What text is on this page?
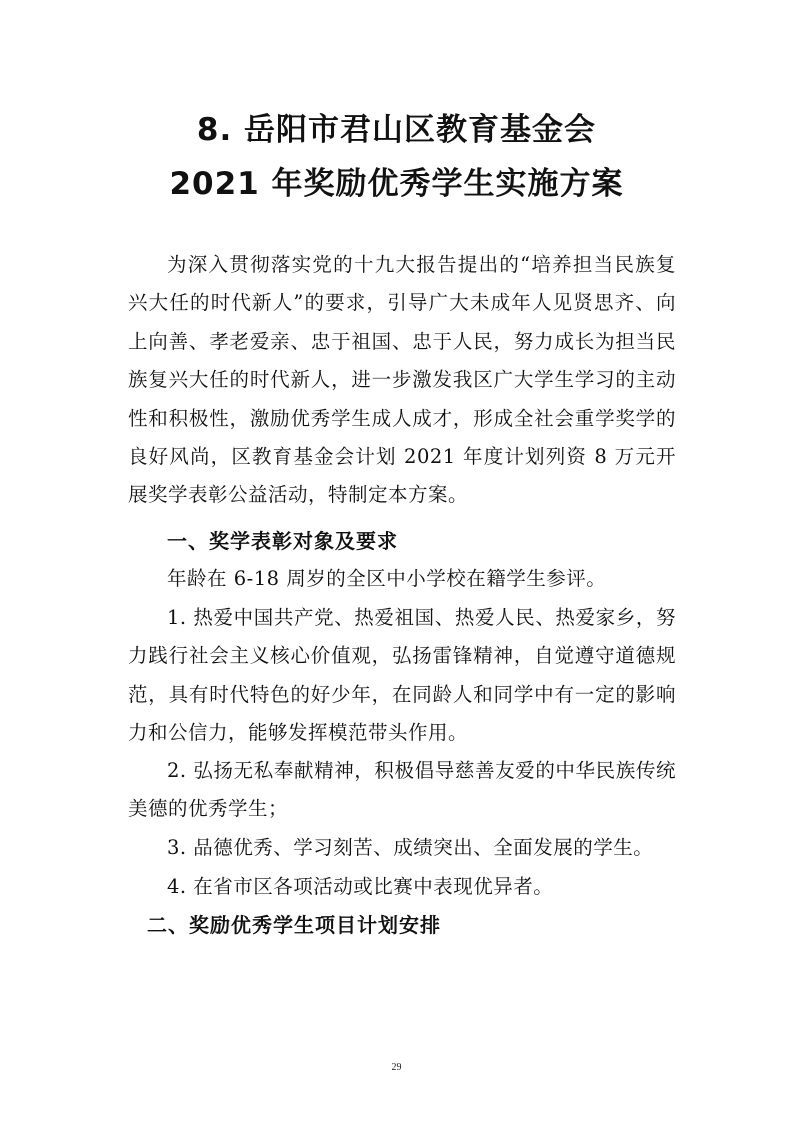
8. 岳阳市君山区教育基金会
2021 年奖励优秀学生实施方案

为深入贯彻落实党的十九大报告提出的“培养担当民族复兴大任的时代新人”的要求，引导广大未成年人见贤思齐、向上向善、孝老爱亲、忠于祖国、忠于人民，努力成长为担当民族复兴大任的时代新人，进一步激发我区广大学生学习的主动性和积极性，激励优秀学生成人成才，形成全社会重学奖学的良好风尚，区教育基金会计划 2021 年度计划列资 8 万元开展奖学表彰公益活动，特制定本方案。

一、奖学表彰对象及要求

年龄在 6-18 周岁的全区中小学校在籍学生参评。

1. 热爱中国共产党、热爱祖国、热爱人民、热爱家乡，努力践行社会主义核心价值观，弘扬雷锋精神，自觉遵守道德规范，具有时代特色的好少年，在同龄人和同学中有一定的影响力和公信力，能够发挥模范带头作用。

2. 弘扬无私奉献精神，积极倡导慈善友爱的中华民族传统美德的优秀学生；

3. 品德优秀、学习刻苦、成绩突出、全面发展的学生。

4. 在省市区各项活动或比赛中表现优异者。

二、奖励优秀学生项目计划安排
29
